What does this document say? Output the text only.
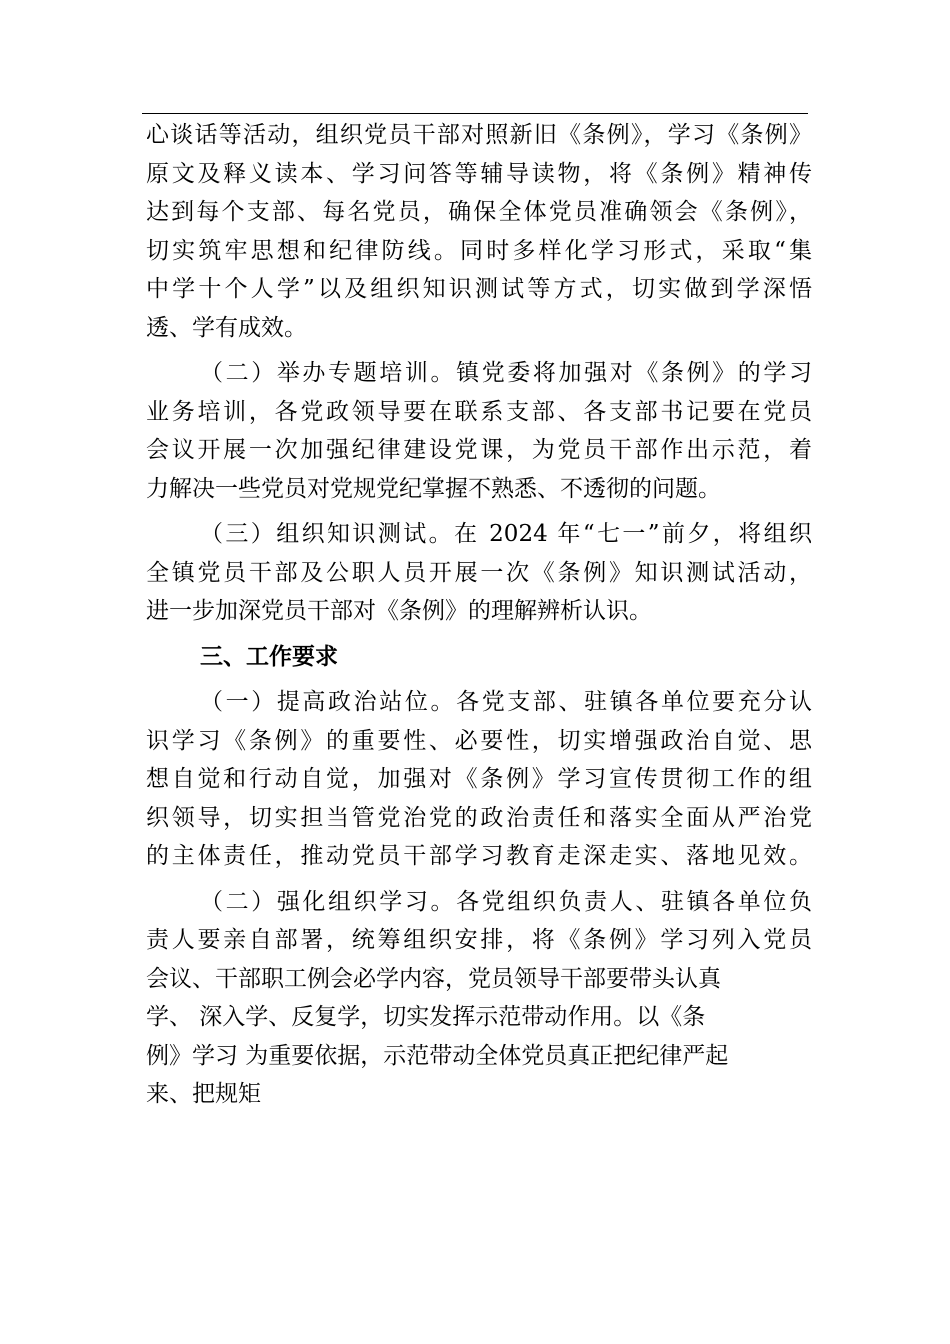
心谈话等活动，组织党员干部对照新旧《条例》，学习《条例》
原文及释义读本、学习问答等辅导读物，将《条例》精神传
达到每个支部、每名党员，确保全体党员准确领会《条例》，
切实筑牢思想和纪律防线。同时多样化学习形式，采取“集
中学十个人学”以及组织知识测试等方式，切实做到学深悟
透、学有成效。
（二）举办专题培训。镇党委将加强对《条例》的学习
业务培训，各党政领导要在联系支部、各支部书记要在党员
会议开展一次加强纪律建设党课，为党员干部作出示范，着
力解决一些党员对党规党纪掌握不熟悉、不透彻的问题。
（三）组织知识测试。在 2024 年“七一”前夕，将组织
全镇党员干部及公职人员开展一次《条例》知识测试活动，
进一步加深党员干部对《条例》的理解辨析认识。
三、工作要求
（一）提高政治站位。各党支部、驻镇各单位要充分认
识学习《条例》的重要性、必要性，切实增强政治自觉、思
想自觉和行动自觉，加强对《条例》学习宣传贯彻工作的组
织领导，切实担当管党治党的政治责任和落实全面从严治党
的主体责任，推动党员干部学习教育走深走实、落地见效。
（二）强化组织学习。各党组织负责人、驻镇各单位负
责人要亲自部署，统筹组织安排，将《条例》学习列入党员
会议、干部职工例会必学内容，党员领导干部要带头认真
学、 深入学、反复学，切实发挥示范带动作用。以《条
例》学习 为重要依据，示范带动全体党员真正把纪律严起
来、把规矩
